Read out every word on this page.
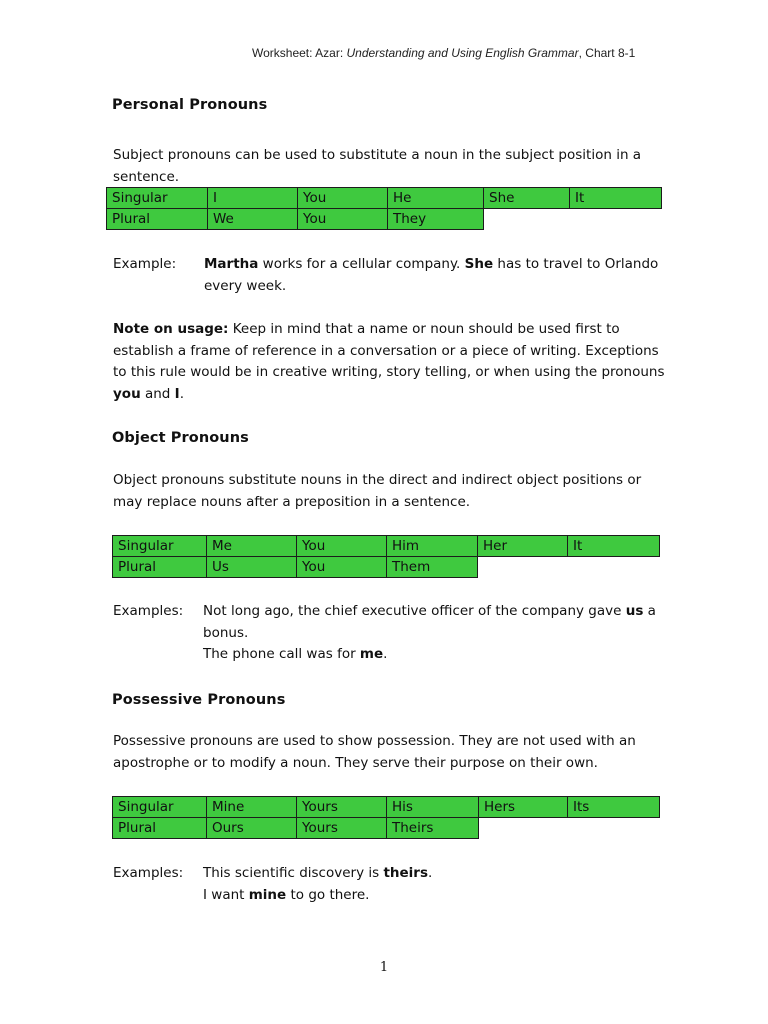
Worksheet: Azar: Understanding and Using English Grammar, Chart 8-1
Personal Pronouns
Subject pronouns can be used to substitute a noun in the subject position in a sentence.
Singular	I	You	He	She	It
Plural	We	You	They		
Example: Martha works for a cellular company. She has to travel to Orlando every week.
Note on usage: Keep in mind that a name or noun should be used first to establish a frame of reference in a conversation or a piece of writing. Exceptions to this rule would be in creative writing, story telling, or when using the pronouns you and I.
Object Pronouns
Object pronouns substitute nouns in the direct and indirect object positions or may replace nouns after a preposition in a sentence.
Singular	Me	You	Him	Her	It
Plural	Us	You	Them		
Examples: Not long ago, the chief executive officer of the company gave us a bonus.
The phone call was for me.
Possessive Pronouns
Possessive pronouns are used to show possession. They are not used with an apostrophe or to modify a noun. They serve their purpose on their own.
Singular	Mine	Yours	His	Hers	Its
Plural	Ours	Yours	Theirs		
Examples: This scientific discovery is theirs.
I want mine to go there.
1
